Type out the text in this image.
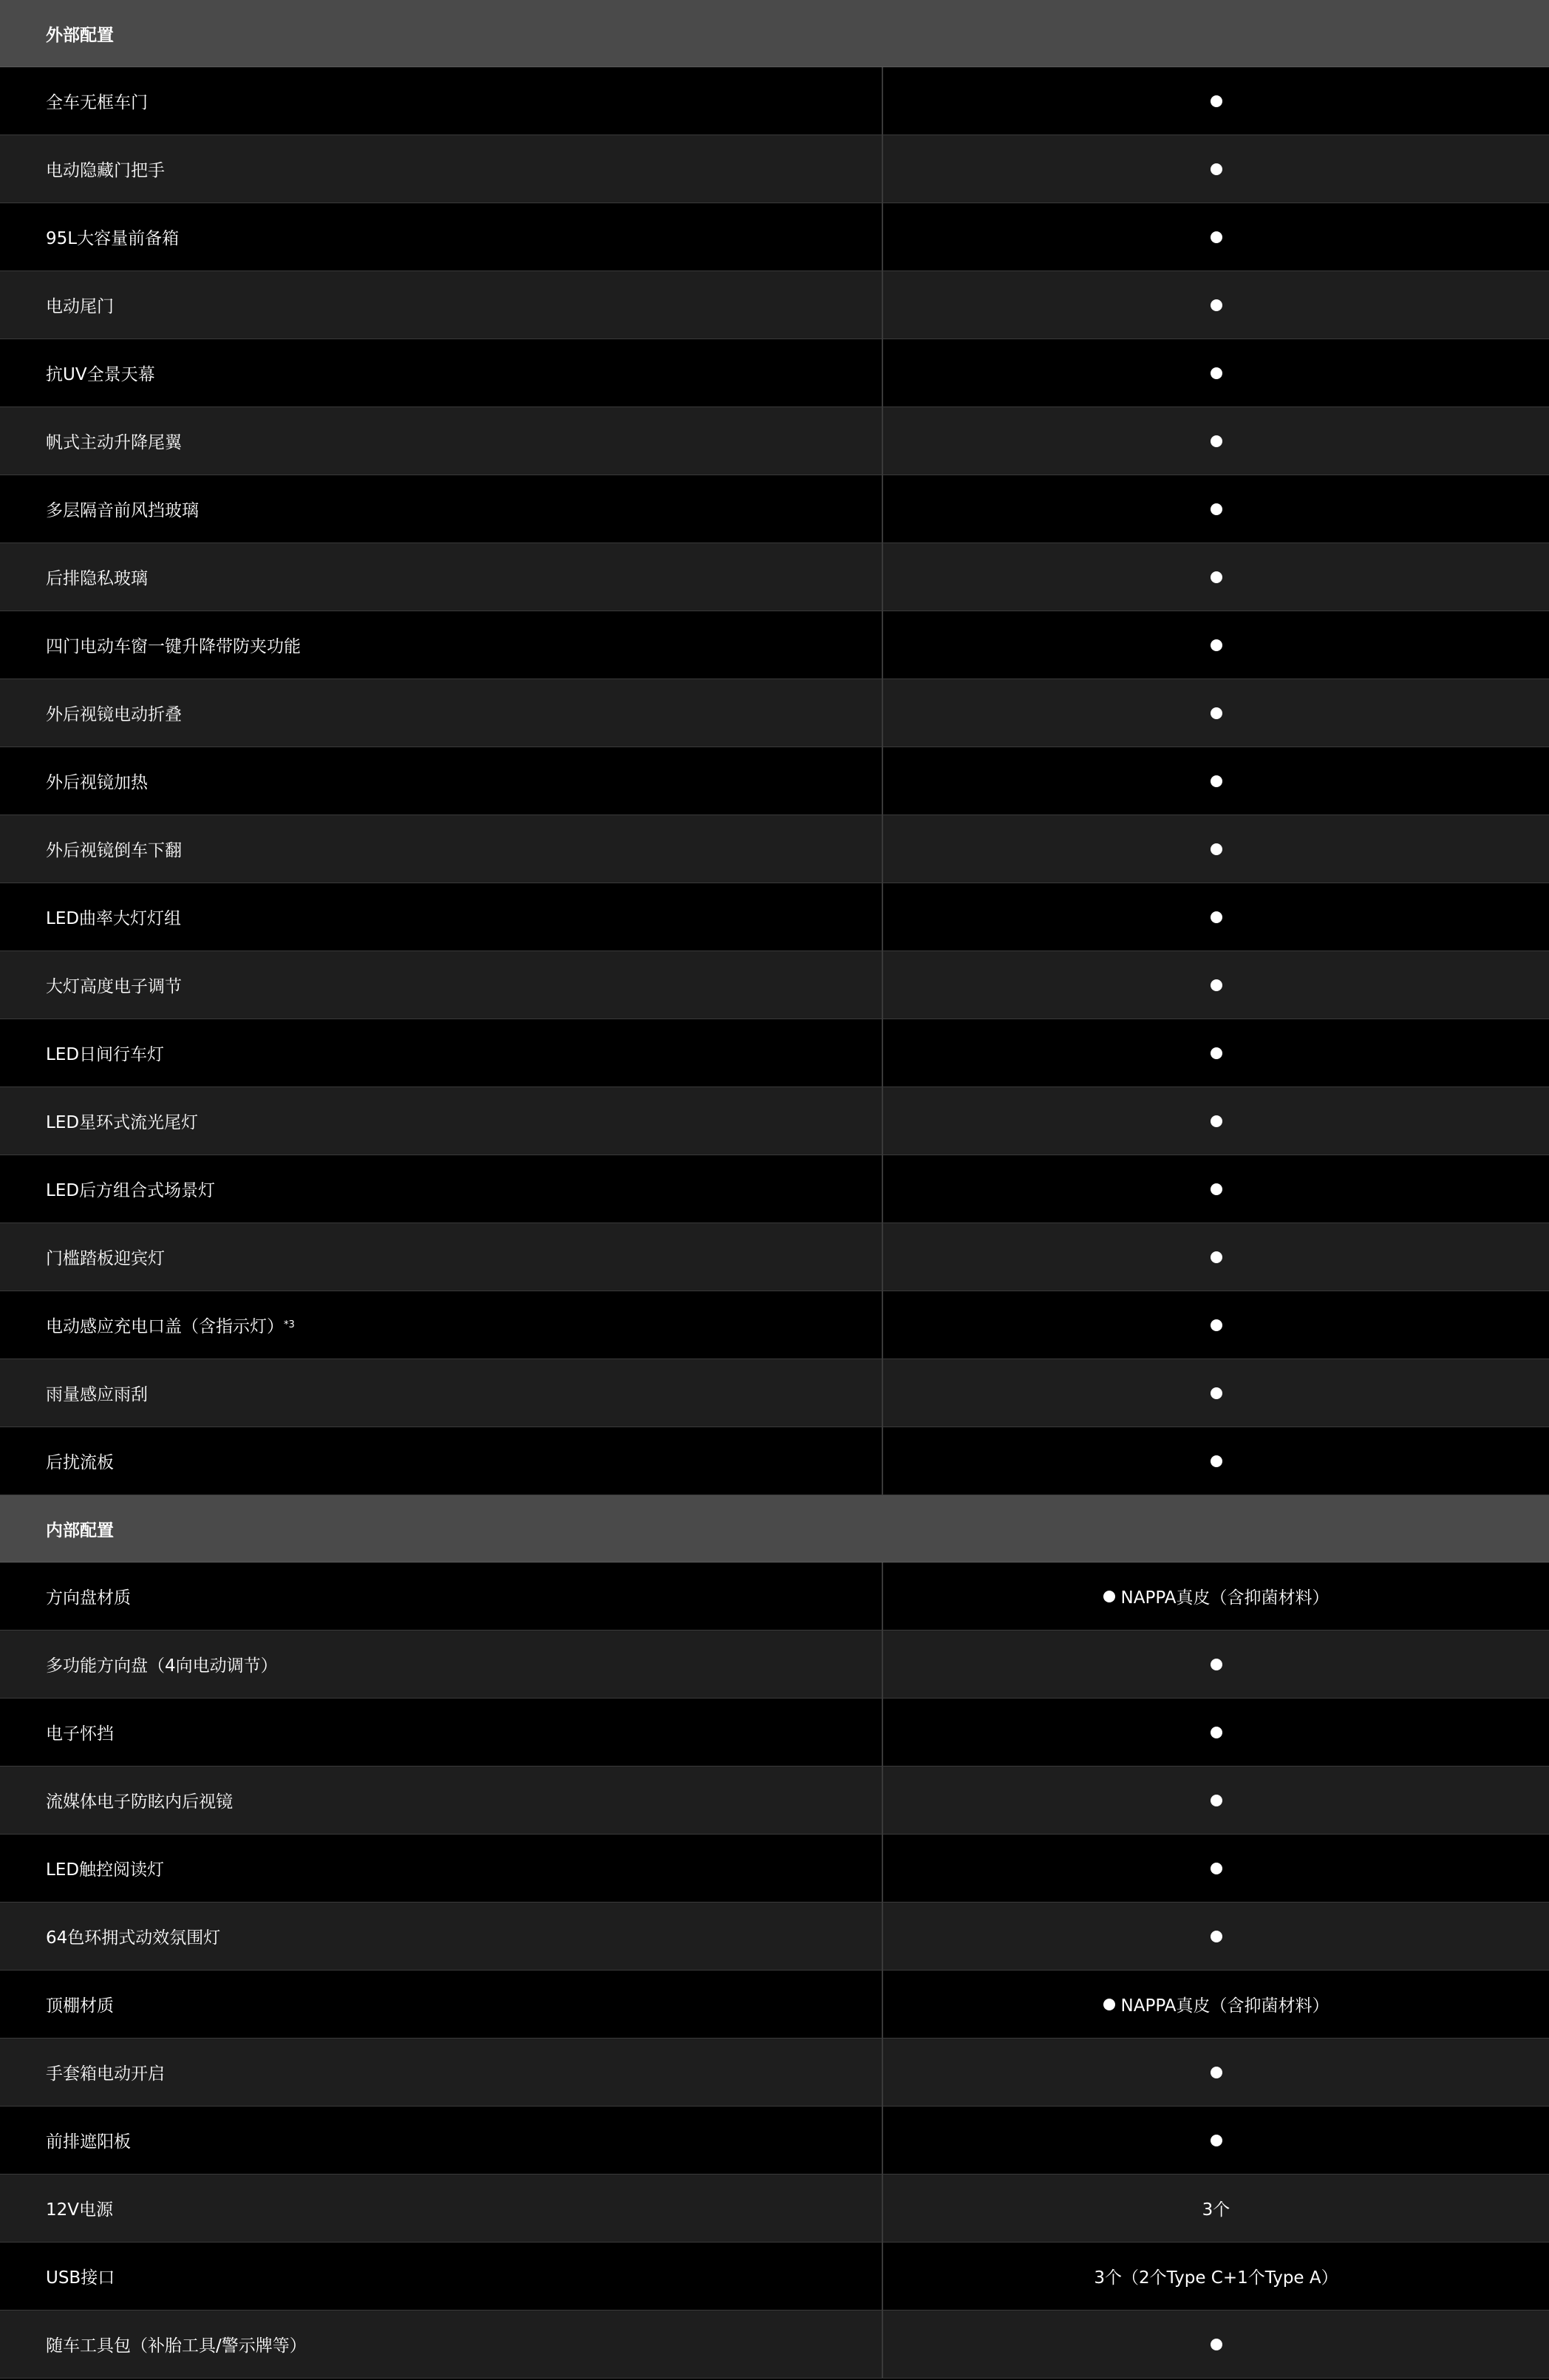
外部配置
全车无框车门
电动隐藏门把手
95L大容量前备箱
电动尾门
抗UV全景天幕
帆式主动升降尾翼
多层隔音前风挡玻璃
后排隐私玻璃
四门电动车窗一键升降带防夹功能
外后视镜电动折叠
外后视镜加热
外后视镜倒车下翻
LED曲率大灯灯组
大灯高度电子调节
LED日间行车灯
LED星环式流光尾灯
LED后方组合式场景灯
门槛踏板迎宾灯
电动感应充电口盖（含指示灯） *3
雨量感应雨刮
后扰流板
内部配置
方向盘材质	NAPPA真皮（含抑菌材料）
多功能方向盘（4向电动调节）
电子怀挡
流媒体电子防眩内后视镜
LED触控阅读灯
64色环拥式动效氛围灯
顶棚材质	NAPPA真皮（含抑菌材料）
手套箱电动开启
前排遮阳板
12V电源	3个
USB接口	3个（2个Type C+1个Type A）
随车工具包（补胎工具/警示牌等）
